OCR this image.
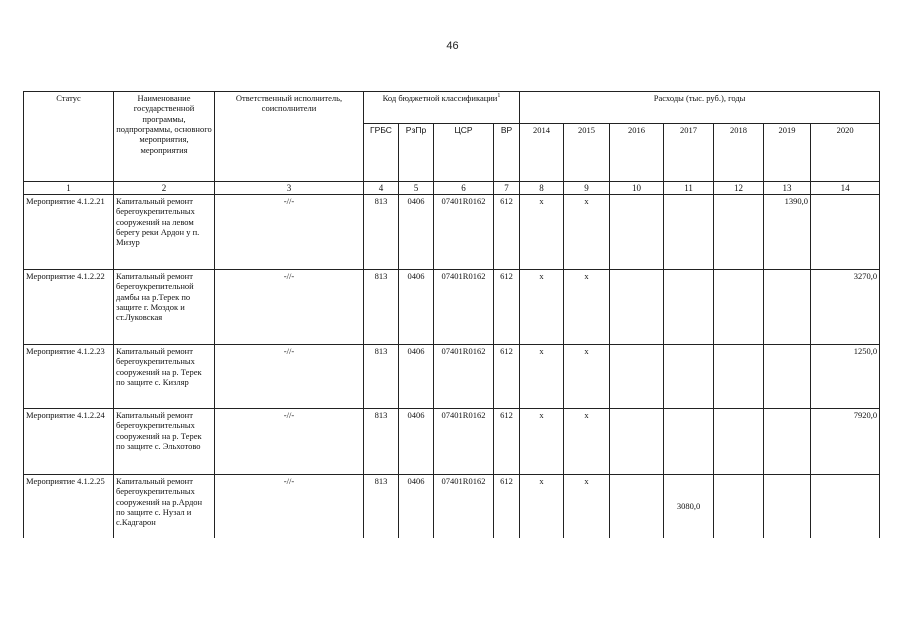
46
Статус	Наименование государственной программы, подпрограммы, основного мероприятия, мероприятия	Ответственный исполнитель, соисполнители	Код бюджетной классификации$^1$				Расходы (тыс. руб.), годы						
			ГРБС	РзПр	ЦСР	ВР	2014	2015	2016	2017	2018	2019	2020
1	2	3	4	5	6	7	8	9	10	11	12	13	14
Мероприятие 4.1.2.21	Капитальный ремонт берегоукрепительных сооружений на левом берегу реки Ардон у п. Мизур	-//-	813	0406	07401R0162	612	x	x				1390,0	
Мероприятие 4.1.2.22	Капитальный ремонт берегоукрепительной дамбы на р.Терек по защите г. Моздок и ст.Луковская	-//-	813	0406	07401R0162	612	x	x					3270,0
Мероприятие 4.1.2.23	Капитальный ремонт берегоукрепительных сооружений на р. Терек по защите с. Кизляр	-//-	813	0406	07401R0162	612	x	x					1250,0
Мероприятие 4.1.2.24	Капитальный ремонт берегоукрепительных сооружений на р. Терек по защите с. Эльхотово	-//-	813	0406	07401R0162	612	x	x					7920,0
Мероприятие 4.1.2.25	Капитальный ремонт берегоукрепительных сооружений на р.Ардон по защите с. Нузал и с.Кадгарон	-//-	813	0406	07401R0162	612	x	x		3080,0			
